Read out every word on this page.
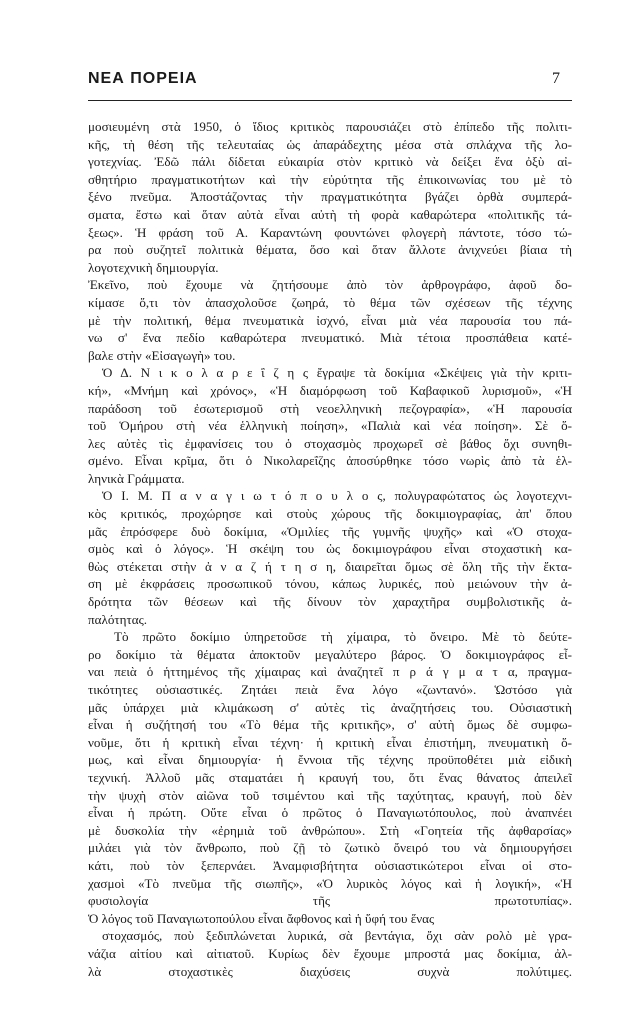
ΝΕΑ ΠΟΡΕΙΑ	7
μοσιευμένη στὰ 1950, ὁ ἴδιος κριτικὸς παρουσιάζει στὸ ἐπίπεδο τῆς πολιτι-
κῆς, τὴ θέση τῆς τελευταίας ὡς ἀπαράδεχτης μέσα στὰ σπλάχνα τῆς λο-
γοτεχνίας. Ἐδῶ πάλι δίδεται εὐκαιρία στὸν κριτικὸ νὰ δείξει ἕνα ὀξὺ αἰ-
σθητήριο πραγματικοτήτων καὶ τὴν εὐρύτητα τῆς ἐπικοινωνίας του μὲ τὸ
ξένο πνεῦμα. Ἀποστάζοντας τὴν πραγματικότητα βγάζει ὀρθὰ συμπερά-
σματα, ἔστω καὶ ὅταν αὐτὰ εἶναι αὐτὴ τὴ φορὰ καθαρώτερα «πολιτικῆς τά-
ξεως». Ἡ φράση τοῦ Α. Καραντώνη φουντώνει φλογερὴ πάντοτε, τόσο τώ-
ρα ποὺ συζητεῖ πολιτικὰ θέματα, ὅσο καὶ ὅταν ἄλλοτε ἀνιχνεύει βίαια τὴ
λογοτεχνικὴ δημιουργία.
Ἐκεῖνο, ποὺ ἔχουμε νὰ ζητήσουμε ἀπὸ τὸν ἀρθρογράφο, ἀφοῦ δο-
κίμασε ὅ,τι τὸν ἀπασχολοῦσε ζωηρά, τὸ θέμα τῶν σχέσεων τῆς τέχνης
μὲ τὴν πολιτική, θέμα πνευματικὰ ἰσχνό, εἶναι μιὰ νέα παρουσία του πά-
νω σ' ἕνα πεδίο καθαρώτερα πνευματικό. Μιὰ τέτοια προσπάθεια κατέ-
βαλε στὴν «Εἰσαγωγὴ» του.
Ὁ Δ. Ν ι κ ο λ α ρ ε ΐ ζ η ς ἔγραψε τὰ δοκίμια «Σκέψεις γιὰ τὴν κριτι-
κή», «Μνήμη καὶ χρόνος», «Ἡ διαμόρφωση τοῦ Καβαφικοῦ λυρισμοῦ», «Ἡ
παράδοση τοῦ ἐσωτερισμοῦ στὴ νεοελληνικὴ πεζογραφία», «Ἡ παρουσία
τοῦ Ὁμήρου στὴ νέα ἑλληνικὴ ποίηση», «Παλιὰ καὶ νέα ποίηση». Σὲ ὅ-
λες αὐτὲς τὶς ἐμφανίσεις του ὁ στοχασμὸς προχωρεῖ σὲ βάθος ὄχι συνηθι-
σμένο. Εἶναι κρῖμα, ὅτι ὁ Νικολαρεΐζης ἀποσύρθηκε τόσο νωρὶς ἀπὸ τὰ ἑλ-
ληνικὰ Γράμματα.
Ὁ Ι. Μ. Π α ν α γ ι ω τ ό π ο υ λ ο ς, πολυγραφώτατος ὡς λογοτεχνι-
κὸς κριτικός, προχώρησε καὶ στοὺς χώρους τῆς δοκιμιογραφίας, ἀπ' ὅπου
μᾶς ἐπρόσφερε δυὸ δοκίμια, «Ὁμιλίες τῆς γυμνῆς ψυχῆς» καὶ «Ὁ στοχα-
σμὸς καὶ ὁ λόγος». Ἡ σκέψη του ὡς δοκιμιογράφου εἶναι στοχαστικὴ κα-
θὼς στέκεται στὴν ἀ ν α ζ ή τ η σ η, διαιρεῖται ὅμως σὲ ὅλη τῆς τὴν ἔκτα-
ση μὲ ἐκφράσεις προσωπικοῦ τόνου, κάπως λυρικές, ποὺ μειώνουν τὴν ἀ-
δρότητα τῶν θέσεων καὶ τῆς δίνουν τὸν χαραχτῆρα συμβολιστικῆς ἀ-
παλότητας.
Τὸ πρῶτο δοκίμιο ὑπηρετοῦσε τὴ χίμαιρα, τὸ ὄνειρο. Μὲ τὸ δεύτε-
ρο δοκίμιο τὰ θέματα ἀποκτοῦν μεγαλύτερο βάρος. Ὁ δοκιμιογράφος εἶ-
ναι πειὰ ὁ ἡττημένος τῆς χίμαιρας καὶ ἀναζητεῖ π ρ ά γ μ α τ α, πραγμα-
τικότητες οὐσιαστικές. Ζητάει πειὰ ἕνα λόγο «ζωντανό». Ὡστόσο γιὰ
μᾶς ὑπάρχει μιὰ κλιμάκωση σ' αὐτὲς τὶς ἀναζητήσεις του. Οὐσιαστικὴ
εἶναι ἡ συζήτησή του «Τὸ θέμα τῆς κριτικῆς», σ' αὐτὴ ὅμως δὲ συμφω-
νοῦμε, ὅτι ἡ κριτικὴ εἶναι τέχνη· ἡ κριτικὴ εἶναι ἐπιστήμη, πνευματικὴ ὅ-
μως, καὶ εἶναι δημιουργία· ἡ ἔννοια τῆς τέχνης προϋποθέτει μιὰ εἰδικὴ
τεχνική. Ἀλλοῦ μᾶς σταματάει ἡ κραυγή του, ὅτι ἕνας θάνατος ἀπειλεῖ
τὴν ψυχὴ στὸν αἰῶνα τοῦ τσιμέντου καὶ τῆς ταχύτητας, κραυγή, ποὺ δὲν
εἶναι ἡ πρώτη. Οὔτε εἶναι ὁ πρῶτος ὁ Παναγιωτόπουλος, ποὺ ἀναπνέει
μὲ δυσκολία τὴν «ἐρημιὰ τοῦ ἀνθρώπου». Στὴ «Γοητεία τῆς ἀφθαρσίας»
μιλάει γιὰ τὸν ἄνθρωπο, ποὺ ζῇ τὸ ζωτικὸ ὄνειρό του νὰ δημιουργήσει
κάτι, ποὺ τὸν ξεπερνάει. Ἀναμφισβήτητα οὐσιαστικώτεροι εἶναι οἱ στο-
χασμοὶ «Τὸ πνεῦμα τῆς σιωπῆς», «Ὁ λυρικὸς λόγος καὶ ἡ λογική», «Ἡ
φυσιολογία τῆς πρωτοτυπίας».
Ὁ λόγος τοῦ Παναγιωτοπούλου εἶναι ἄφθονος καὶ ἡ ὕφή του ἕνας
στοχασμός, ποὺ ξεδιπλώνεται λυρικά, σὰ βεντάγια, ὄχι σὰν ρολὸ μὲ γρα-
νάζια αἰτίου καὶ αἰτιατοῦ. Κυρίως δὲν ἔχουμε μπροστά μας δοκίμια, ἀλ-
λὰ στοχαστικὲς διαχύσεις συχνὰ πολύτιμες.
